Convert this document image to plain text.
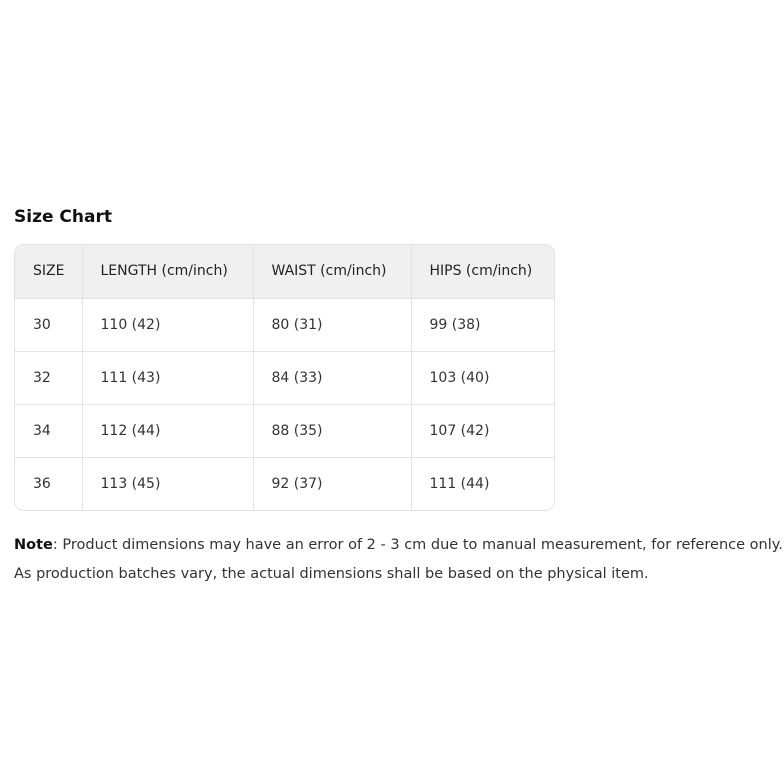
Size Chart
SIZE	LENGTH (cm/inch)	WAIST (cm/inch)	HIPS (cm/inch)
30	110 (42)	80 (31)	99 (38)
32	111 (43)	84 (33)	103 (40)
34	112 (44)	88 (35)	107 (42)
36	113 (45)	92 (37)	111 (44)

Note: Product dimensions may have an error of 2 - 3 cm due to manual measurement, for reference only. As production batches vary, the actual dimensions shall be based on the physical item.
